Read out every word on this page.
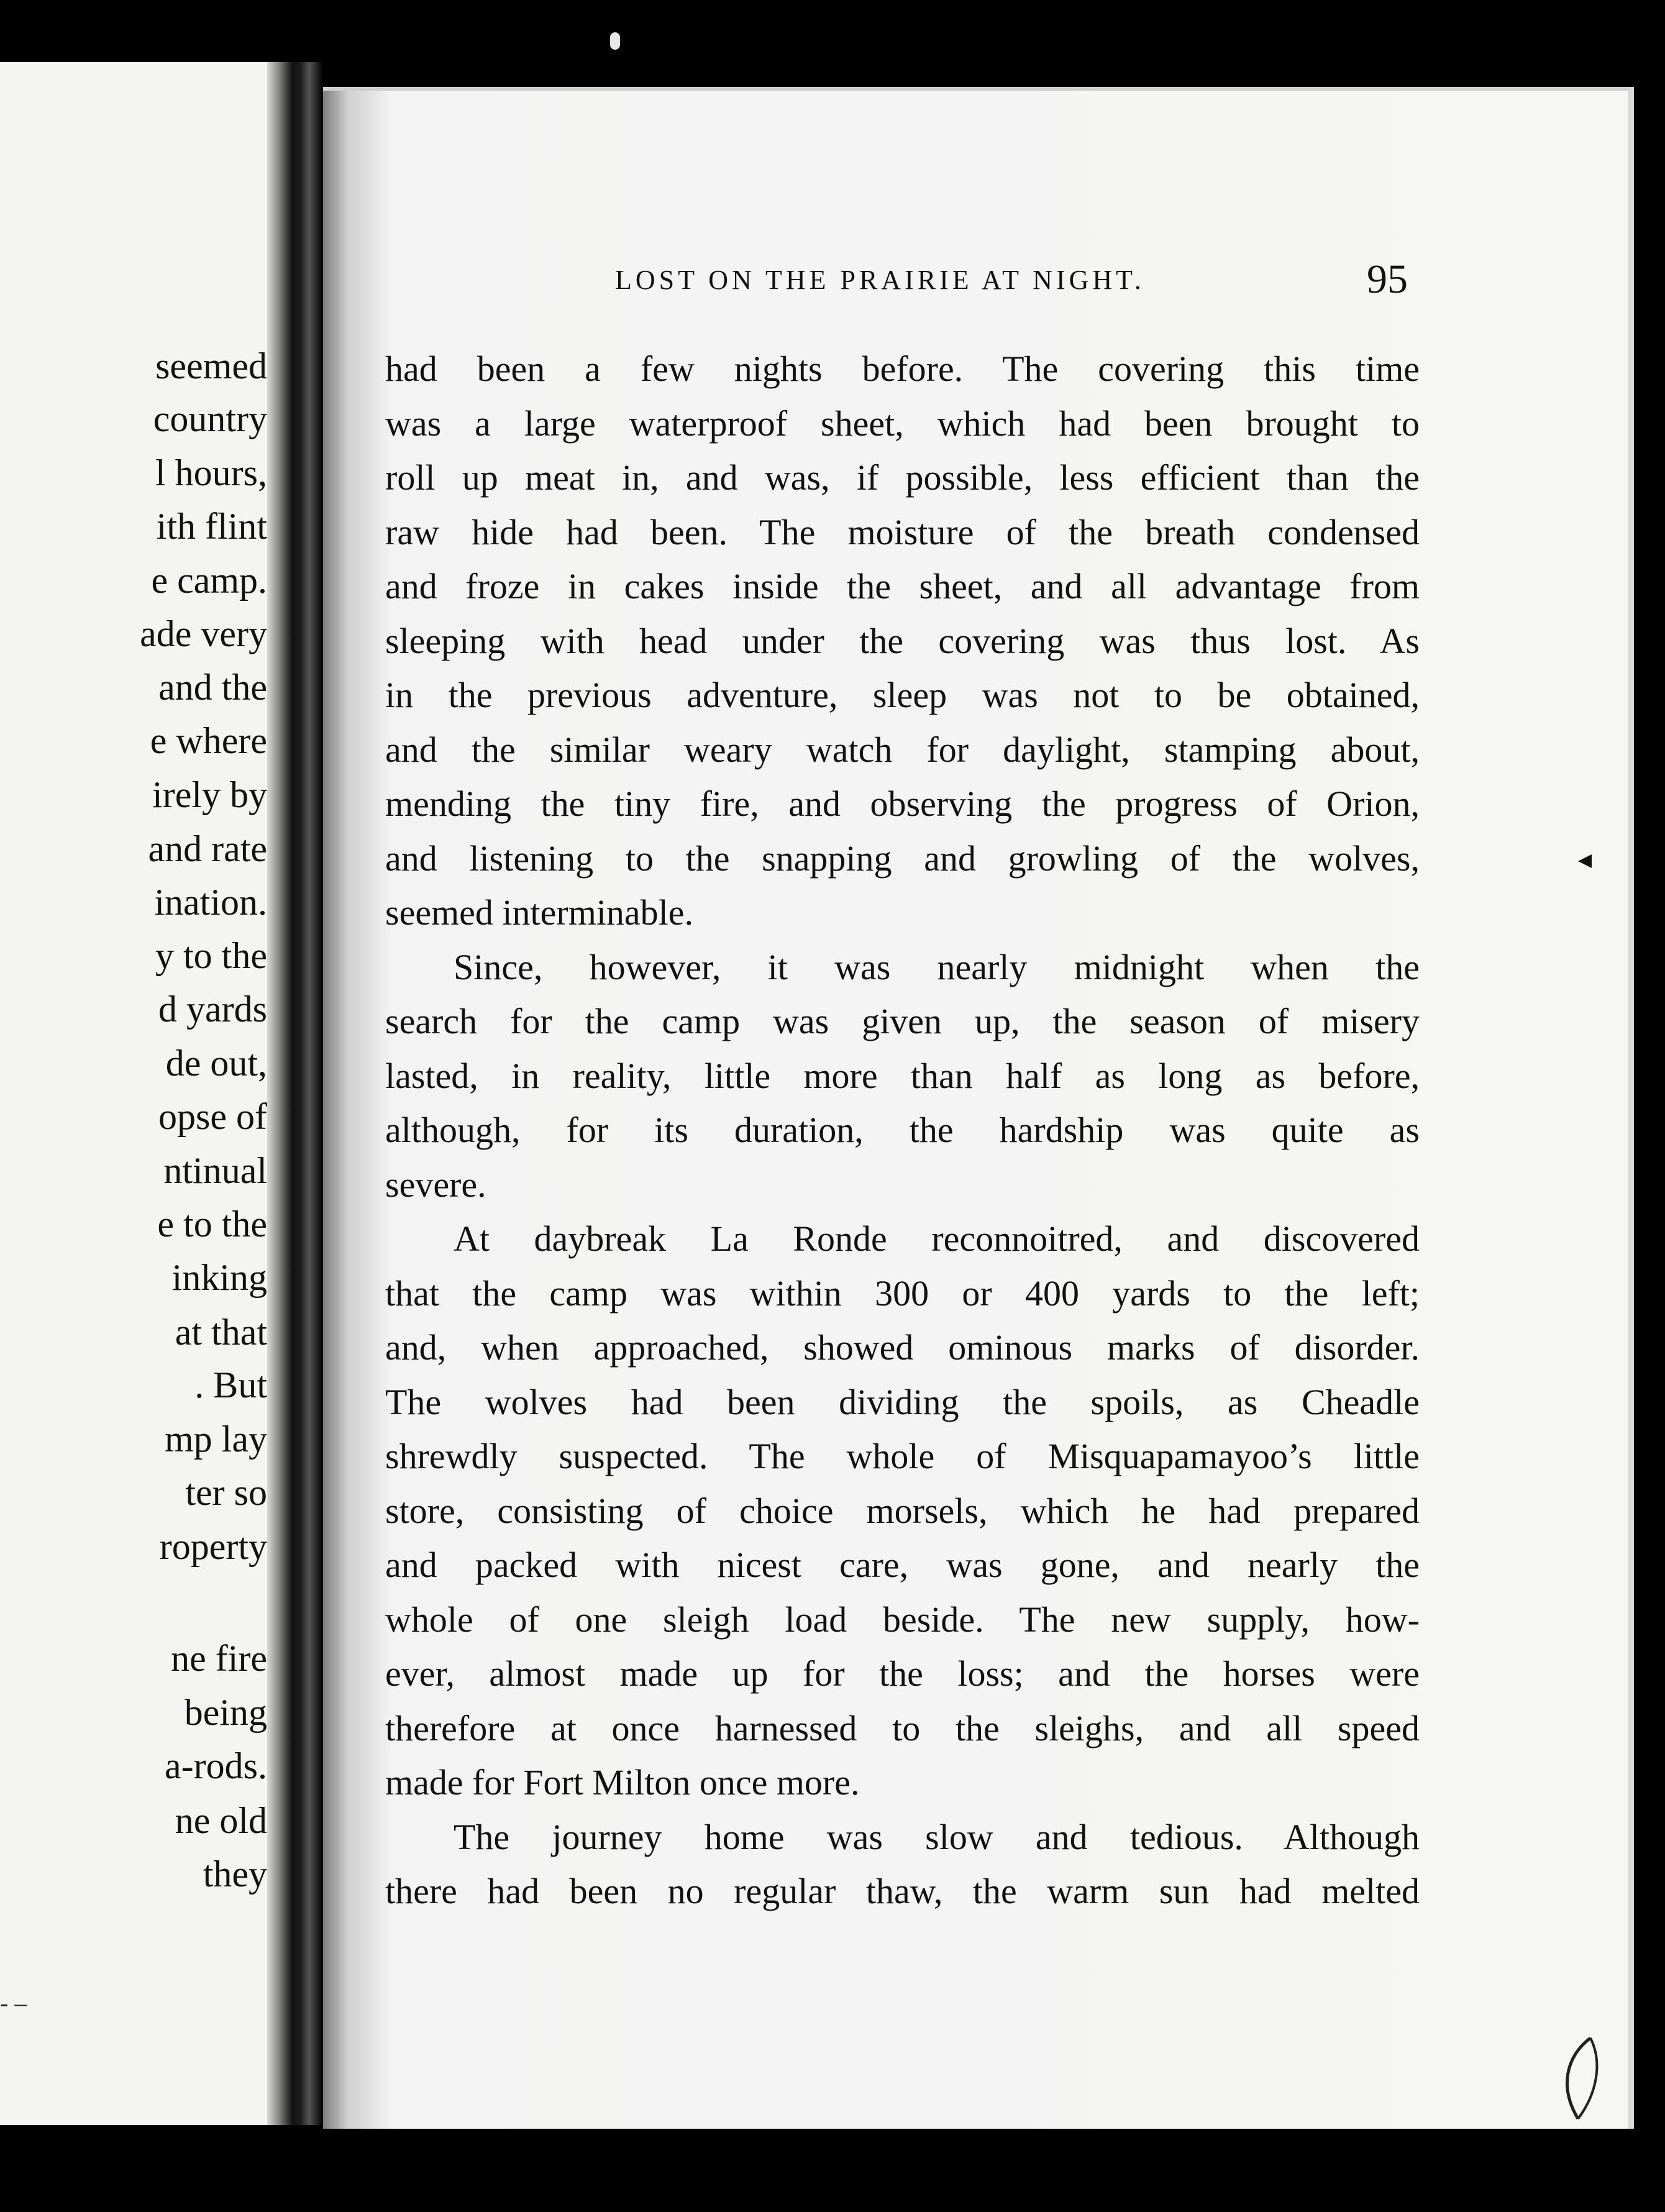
seemed
country
l hours,
ith flint
e camp.
ade very
and the
e where
irely by
and rate
ination.
y to the
d yards
de out,
opse of
ntinual
e to the
inking
at that
. But
mp lay
ter so
roperty
ne fire
being
a-rods.
ne old
they
- –
LOST ON THE PRAIRIE AT NIGHT.	95
had been a few nights before. The covering this time
was a large waterproof sheet, which had been brought to
roll up meat in, and was, if possible, less efficient than the
raw hide had been. The moisture of the breath condensed
and froze in cakes inside the sheet, and all advantage from
sleeping with head under the covering was thus lost. As
in the previous adventure, sleep was not to be obtained,
and the similar weary watch for daylight, stamping about,
mending the tiny fire, and observing the progress of Orion,
and listening to the snapping and growling of the wolves,
seemed interminable.
Since, however, it was nearly midnight when the
search for the camp was given up, the season of misery
lasted, in reality, little more than half as long as before,
although, for its duration, the hardship was quite as
severe.
At daybreak La Ronde reconnoitred, and discovered
that the camp was within 300 or 400 yards to the left;
and, when approached, showed ominous marks of disorder.
The wolves had been dividing the spoils, as Cheadle
shrewdly suspected. The whole of Misquapamayoo’s little
store, consisting of choice morsels, which he had prepared
and packed with nicest care, was gone, and nearly the
whole of one sleigh load beside. The new supply, how-
ever, almost made up for the loss; and the horses were
therefore at once harnessed to the sleighs, and all speed
made for Fort Milton once more.
The journey home was slow and tedious. Although
there had been no regular thaw, the warm sun had melted
